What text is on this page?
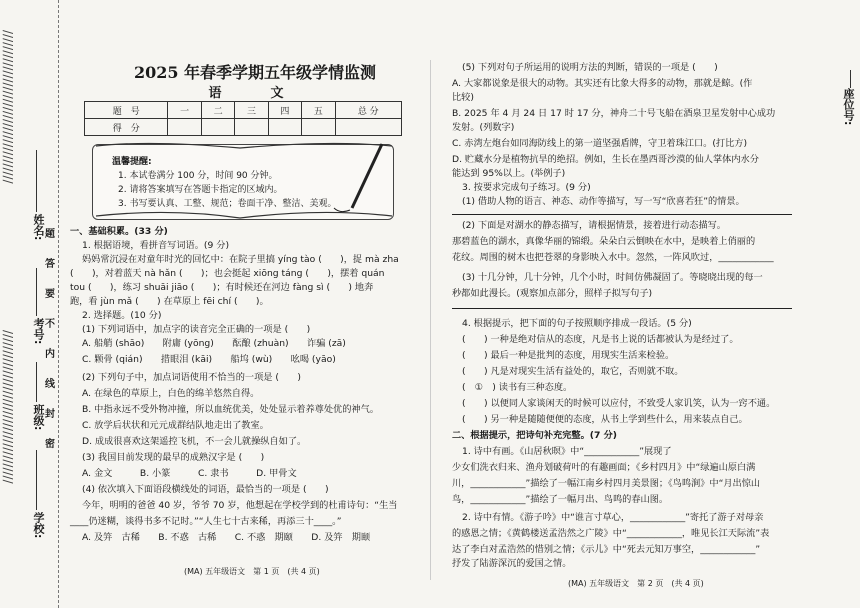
//////////////////////////////////////
//////////////////////////////////////
学校:
班级:
考号:
姓名: 题
答
要
不
内
线
封
密
座位号:
2025 年春季学期五年级学情监测
语　文
题　号	一	二	三	四	五	总 分
得　分						
温馨提醒:
1. 本试卷满分 100 分，时间 90 分钟。
2. 请将答案填写在答题卡指定的区域内。
3. 书写要认真、工整、规范；卷面干净、整洁、美观。
一、基础积累。(33 分)
1. 根据语境，看拼音写词语。(9 分)
妈妈常沉浸在对童年时光的回忆中：在院子里搞 yíng tào (　　)，捉 mà zha
(　　)，对着蓝天 nà hǎn (　　)；也会挺起 xiōng táng (　　)，摆着 quán
tou (　　)，练习 shuāi jiāo (　　)；有时候还在河边 fàng sì (　　) 地奔
跑，看 jùn mǎ (　　) 在草原上 fēi chí (　　)。
2. 选择题。(10 分)
(1) 下列词语中，加点字的读音完全正确的一项是 (　　)
A. 船艄 (shāo)　　附庸 (yōng)　　酝酿 (zhuàn)　　诈骗 (zā)
C. 颗骨 (qián)　　措眼泪 (kāi)　　船坞 (wù)　　吆喝 (yāo)
(2) 下列句子中，加点词语使用不恰当的一项是 (　　)
A. 在绿色的草原上，白色的绵羊悠然自得。
B. 中指永远不受外物冲撞，所以血统优美，处处显示着养尊处优的神气。
C. 放学后状状和元元成群结队地走出了教室。
D. 成成很喜欢这架遥控飞机，不一会儿就操纵自如了。
(3) 我国目前发现的最早的成熟汉字是 (　　)
A. 金文　　　B. 小篆　　　C. 隶书　　　D. 甲骨文
(4) 依次填入下面语段横线处的词语，最恰当的一项是 (　　)
今年，明明的爸爸 40 岁，爷爷 70 岁，他想起在学校学到的杜甫诗句：“生当
____仍迷糊，谈得书多不记时。”“人生七十古来稀，再添三十____。”
A. 及笄　古稀　　B. 不惑　古稀　　C. 不惑　期颐　　D. 及笄　期颐
(MA) 五年级语文　第 1 页　(共 4 页)
(5) 下列对句子所运用的说明方法的判断，错误的一项是 (　　)
A. 大家都说象是很大的动物。其实还有比象大得多的动物，那就是鲸。(作
比较)
B. 2025 年 4 月 24 日 17 时 17 分，神舟二十号飞船在酒泉卫星发射中心成功
发射。(列数字)
C. 赤湾左炮台如同海防线上的第一道坚强盾牌，守卫着珠江口。(打比方)
D. 贮藏水分是植物抗旱的绝招。例如，生长在墨西哥沙漠的仙人掌体内水分
能达到 95%以上。(举例子)
3. 按要求完成句子练习。(9 分)
(1) 借助人物的语言、神态、动作等描写，写一写“欣喜若狂”的情景。
(2) 下面是对湖水的静态描写，请根据情景，接着进行动态描写。
那碧蓝色的湖水，真像华丽的锦缎。朵朵白云倒映在水中，是映着上俏丽的
花纹。周围的树木也把苍翠的身影映入水中。忽然，一阵风吹过，____________
(3) 十几分钟，几十分钟，几个小时，时间仿佛凝固了。等晓晓出现的每一
秒都如此漫长。(观察加点部分，照样子拟写句子)
4. 根据提示，把下面的句子按照顺序排成一段话。(5 分)
(　　) 一种是绝对信从的态度，凡是书上说的话都被认为是经过了。
(　　) 最后一种是批判的态度，用现实生活来检验。
(　　) 凡是对现实生活有益处的，取它，否则就不取。
(　①　) 读书有三种态度。
(　　) 以便同人家谈闲天的时候可以应付，不致受人家讥笑，认为一窍不通。
(　　) 另一种是随随便便的态度，从书上学到些什么，用来装点自己。
二、根据提示，把诗句补充完整。(7 分)
1. 诗中有画。《山居秋暝》中“____________”展现了
少女们洗衣归来、渔舟划破荷叶的有趣画面；《乡村四月》中“绿遍山原白满
川，____________”描绘了一幅江南乡村四月美景图；《鸟鸣涧》中“月出惊山
鸟，____________”描绘了一幅月出、鸟鸣的春山图。
2. 诗中有情。《游子吟》中“谁言寸草心，____________”寄托了游子对母亲
的感恩之情；《黄鹤楼送孟浩然之广陵》中“____________，唯见长江天际流”表
达了李白对孟浩然的惜别之情；《示儿》中“死去元知万事空，____________”
抒发了陆游深沉的爱国之情。
(MA) 五年级语文　第 2 页　(共 4 页)
